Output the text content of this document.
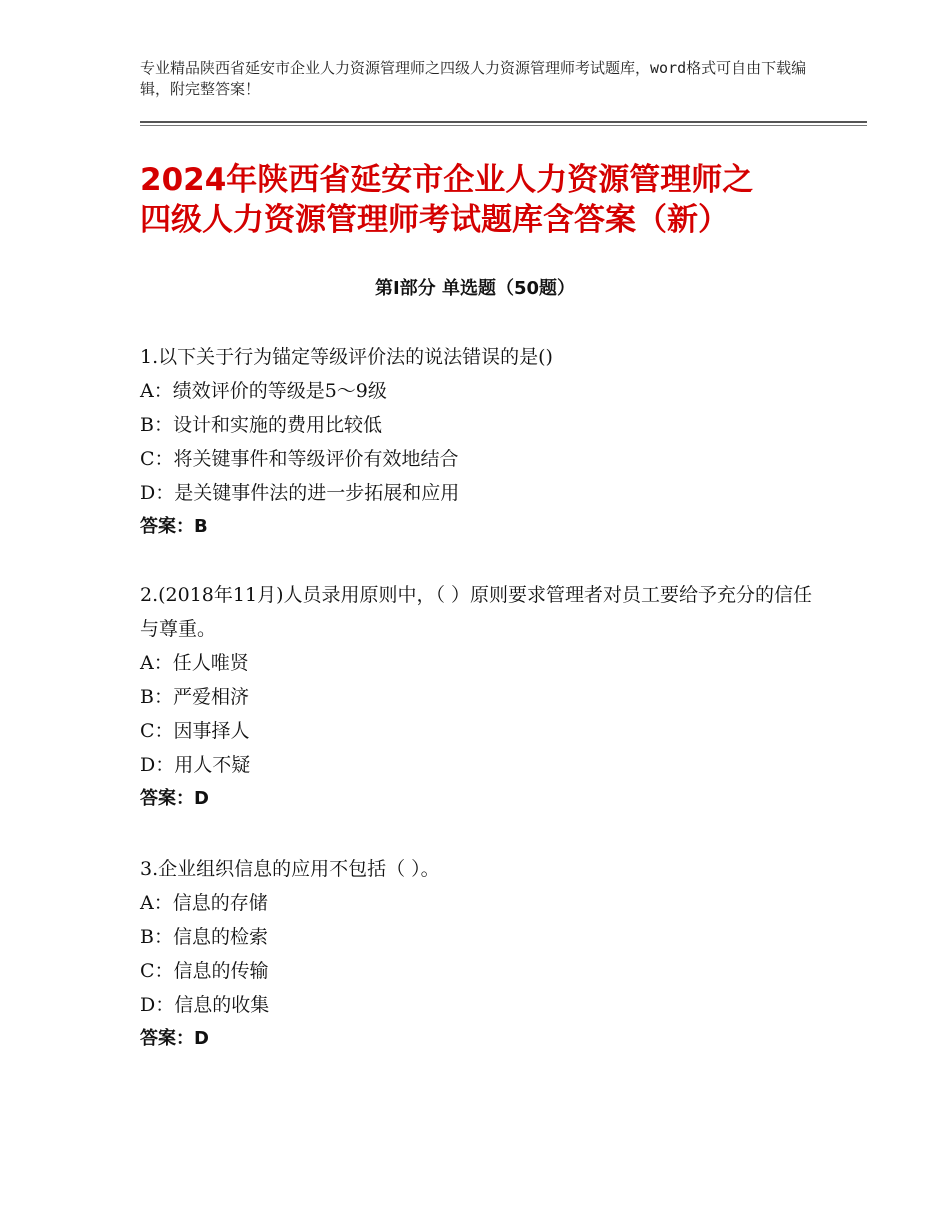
专业精品陕西省延安市企业人力资源管理师之四级人力资源管理师考试题库，word格式可自由下载编辑，附完整答案！
2024年陕西省延安市企业人力资源管理师之
四级人力资源管理师考试题库含答案（新）
第Ⅰ部分 单选题（50题）
1.以下关于行为锚定等级评价法的说法错误的是()
A：绩效评价的等级是5～9级
B：设计和实施的费用比较低
C：将关键事件和等级评价有效地结合
D：是关键事件法的进一步拓展和应用
答案：B
2.(2018年11月)人员录用原则中，（ ）原则要求管理者对员工要给予充分的信任与尊重。
A：任人唯贤
B：严爱相济
C：因事择人
D：用人不疑
答案：D
3.企业组织信息的应用不包括（ ）。
A：信息的存储
B：信息的检索
C：信息的传输
D：信息的收集
答案：D
